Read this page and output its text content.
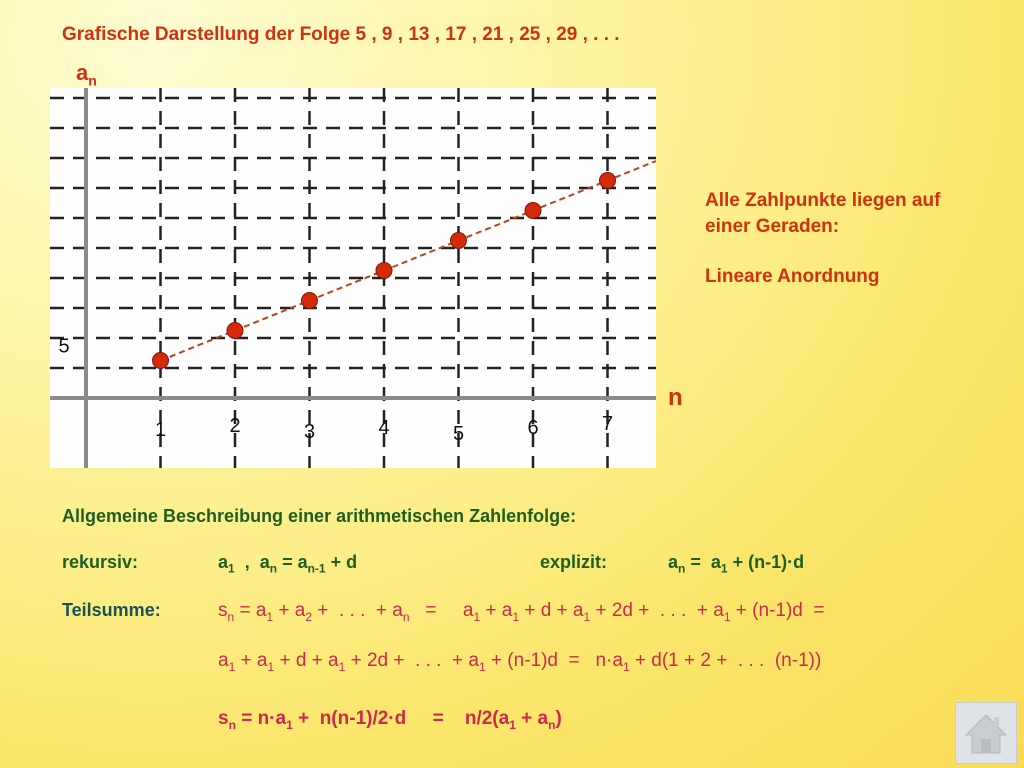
Grafische Darstellung der Folge 5 , 9 , 13 , 17 , 21 , 25 , 29 , . . .
$a_n$
n
1	2	3	4	5	6	7
5
Alle Zahlpunkte liegen auf
einer Geraden:
Lineare Anordnung
Allgemeine Beschreibung einer arithmetischen Zahlenfolge:
rekursiv:	$a_1$  ,  $a_n = a_{n-1} + d$	explizit:	$a_n = a_1 + (n-1)\cdot d$
Teilsumme:	$s_n = a_1 + a_2$ +  . . .  + $a_n$   =     $a_1 + a_1 + d + a_1 + 2d$ +  . . .  + $a_1 + (n-1)d$  =
$a_1 + a_1 + d + a_1 + 2d$ +  . . .  + $a_1 + (n-1)d = n\cdot a_1 + d(1 + 2$ +  . . .  (n-1))
$s_n = n\cdot a_1 + n(n-1)/2\cdot d$     =    $n/2(a_1 + a_n)$
